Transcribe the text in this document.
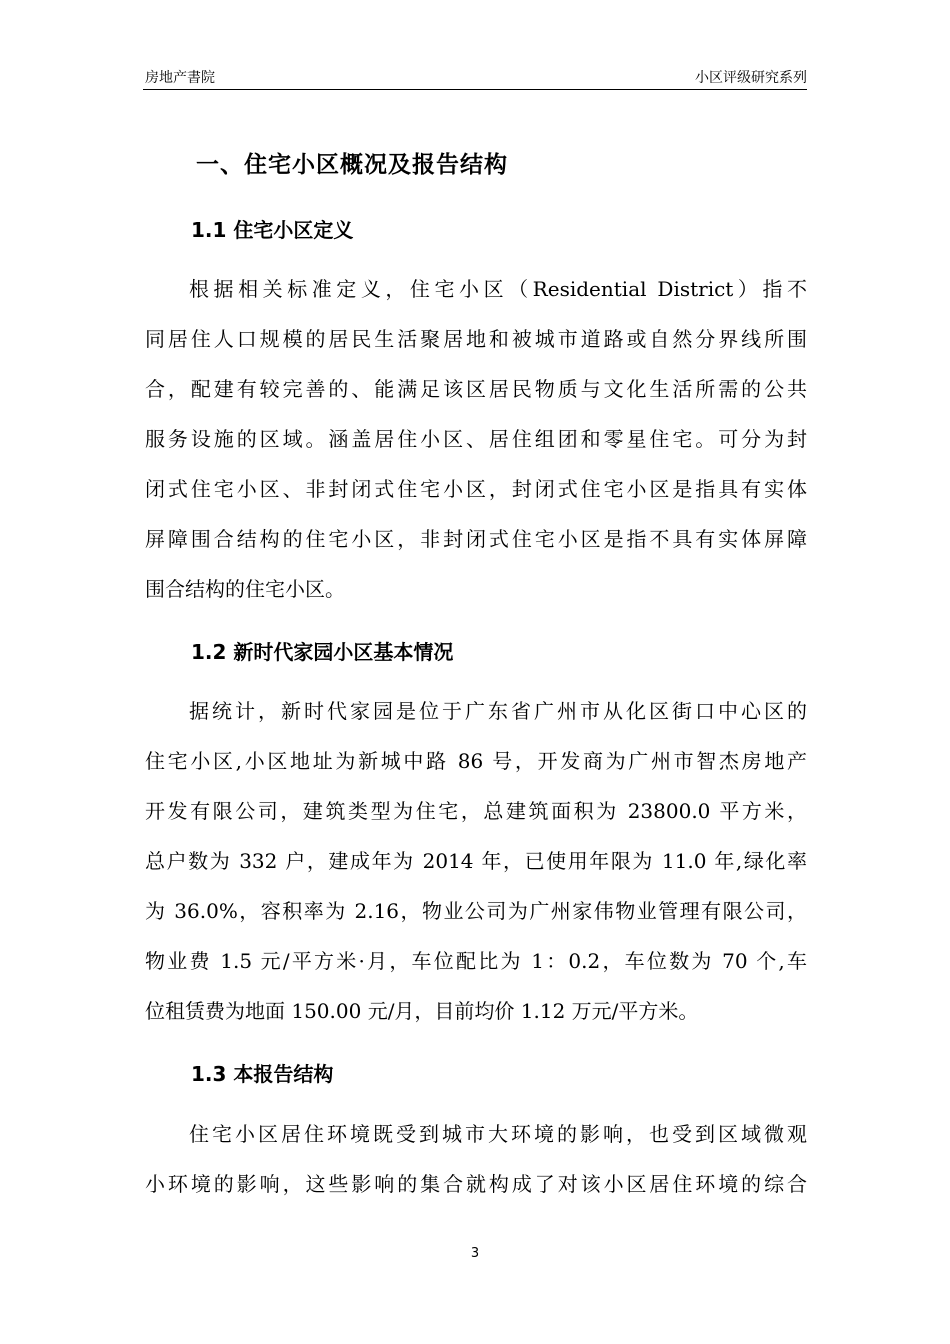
房地产書院	小区评级研究系列
一、住宅小区概况及报告结构
1.1 住宅小区定义
根据相关标准定义，住宅小区（Residential District）指不
同居住人口规模的居民生活聚居地和被城市道路或自然分界线所围
合，配建有较完善的、能满足该区居民物质与文化生活所需的公共
服务设施的区域。涵盖居住小区、居住组团和零星住宅。可分为封
闭式住宅小区、非封闭式住宅小区，封闭式住宅小区是指具有实体
屏障围合结构的住宅小区，非封闭式住宅小区是指不具有实体屏障
围合结构的住宅小区。
1.2 新时代家园小区基本情况
据统计，新时代家园是位于广东省广州市从化区街口中心区的
住宅小区,小区地址为新城中路 86 号，开发商为广州市智杰房地产
开发有限公司，建筑类型为住宅，总建筑面积为 23800.0 平方米，
总户数为 332 户，建成年为 2014 年，已使用年限为 11.0 年,绿化率
为 36.0%，容积率为 2.16，物业公司为广州家伟物业管理有限公司，
物业费 1.5 元/平方米·月，车位配比为 1：0.2，车位数为 70 个,车
位租赁费为地面 150.00 元/月，目前均价 1.12 万元/平方米。
1.3 本报告结构
住宅小区居住环境既受到城市大环境的影响，也受到区域微观
小环境的影响，这些影响的集合就构成了对该小区居住环境的综合
3
